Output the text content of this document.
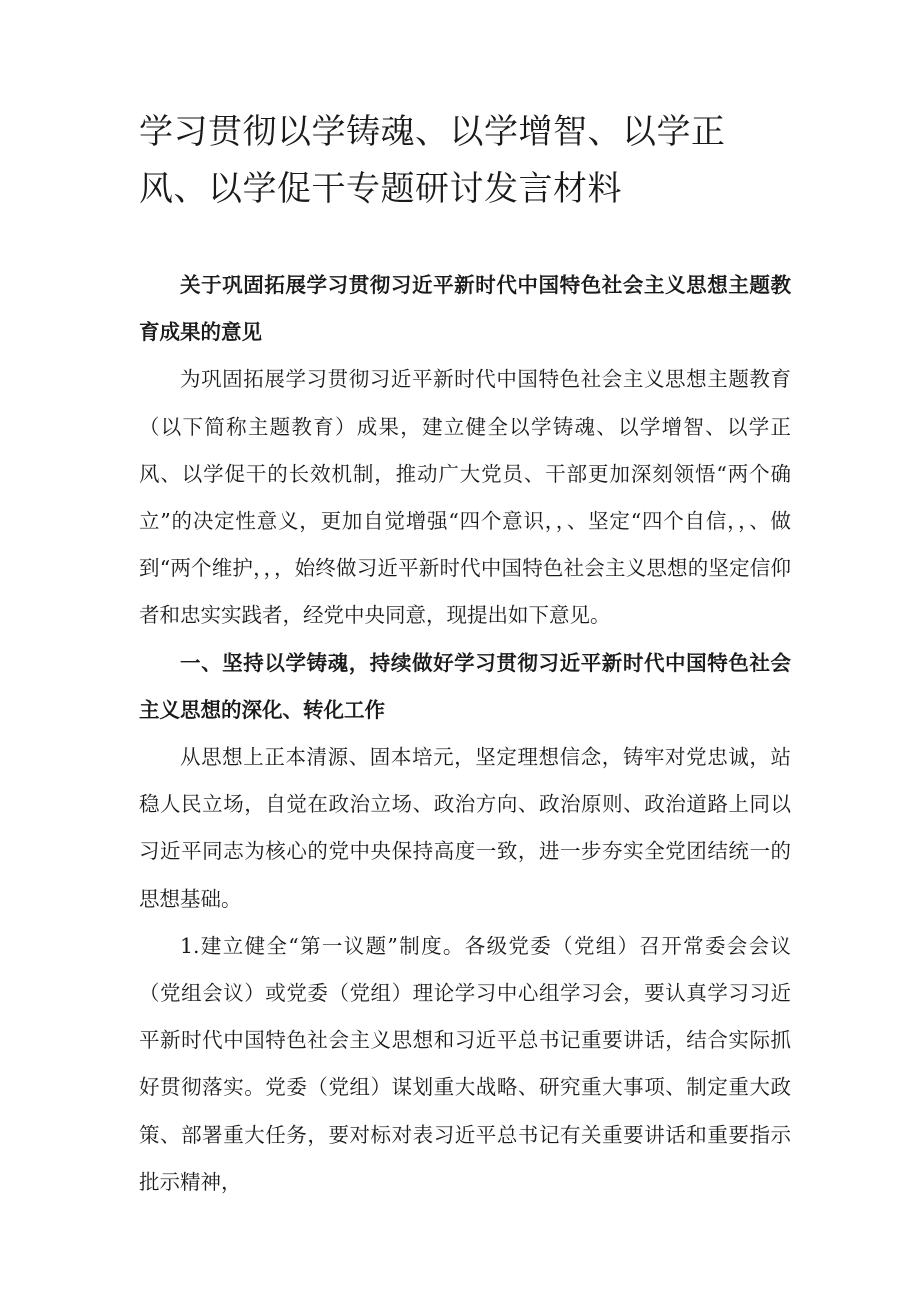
学习贯彻以学铸魂、以学增智、以学正风、以学促干专题研讨发言材料

关于巩固拓展学习贯彻习近平新时代中国特色社会主义思想主题教育成果的意见

为巩固拓展学习贯彻习近平新时代中国特色社会主义思想主题教育（以下简称主题教育）成果，建立健全以学铸魂、以学增智、以学正风、以学促干的长效机制，推动广大党员、干部更加深刻领悟“两个确立”的决定性意义，更加自觉增强“四个意识，，、坚定“四个自信，，、做到“两个维护，，，始终做习近平新时代中国特色社会主义思想的坚定信仰者和忠实实践者，经党中央同意，现提出如下意见。

一、坚持以学铸魂，持续做好学习贯彻习近平新时代中国特色社会主义思想的深化、转化工作

从思想上正本清源、固本培元，坚定理想信念，铸牢对党忠诚，站稳人民立场，自觉在政治立场、政治方向、政治原则、政治道路上同以习近平同志为核心的党中央保持高度一致，进一步夯实全党团结统一的思想基础。

1.建立健全“第一议题”制度。各级党委（党组）召开常委会会议（党组会议）或党委（党组）理论学习中心组学习会，要认真学习习近平新时代中国特色社会主义思想和习近平总书记重要讲话，结合实际抓好贯彻落实。党委（党组）谋划重大战略、研究重大事项、制定重大政策、部署重大任务，要对标对表习近平总书记有关重要讲话和重要指示批示精神，
